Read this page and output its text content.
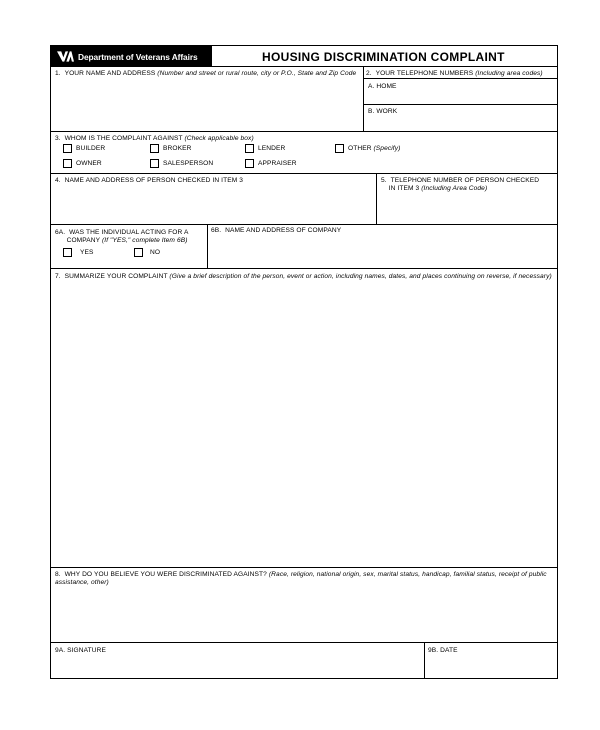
Department of Veterans Affairs	HOUSING DISCRIMINATION COMPLAINT
1. YOUR NAME AND ADDRESS (Number and street or rural route, city or P.O., State and Zip Code 2. YOUR TELEPHONE NUMBERS (Including area codes)
A. HOME
B. WORK
3. WHOM IS THE COMPLAINT AGAINST (Check applicable box)
BUILDER	BROKER	LENDER	OTHER (Specify)
OWNER	SALESPERSON	APPRAISER
4. NAME AND ADDRESS OF PERSON CHECKED IN ITEM 3	5. TELEPHONE NUMBER OF PERSON CHECKED
IN ITEM 3 (Including Area Code)
6A. WAS THE INDIVIDUAL ACTING FOR A
COMPANY (If "YES," complete Item 6B)
YES	NO
6B. NAME AND ADDRESS OF COMPANY
7. SUMMARIZE YOUR COMPLAINT (Give a brief description of the person, event or action, including names, dates, and places continuing on reverse, if necessary)
8. WHY DO YOU BELIEVE YOU WERE DISCRIMINATED AGAINST? (Race, religion, national origin, sex, marital status, handicap, familial status, receipt of public assistance, other)
9A. SIGNATURE	9B. DATE
